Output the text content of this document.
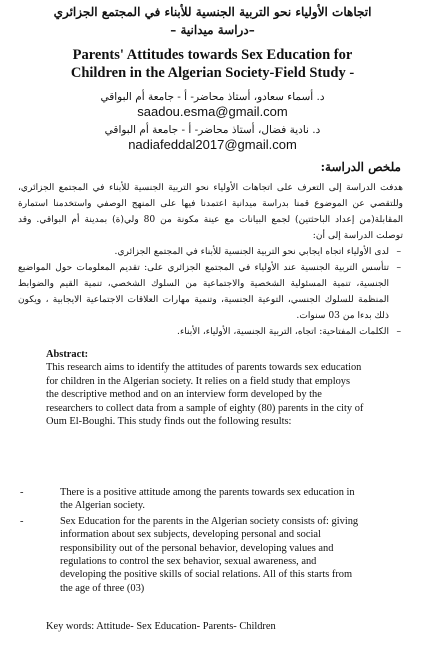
اتجاهات الأولياء نحو التربية الجنسية للأبناء في المجتمع الجزائري
–دراسة ميدانية –
Parents' Attitudes towards Sex Education for
Children in the Algerian Society-Field Study -
د. أسماء سعادو، أستاذ محاضر- أ - جامعة أم البواقي
saadou.esma@gmail.com
د. نادية فضال، أستاذ محاضر- أ - جامعة أم البواقي
nadiafeddal2017@gmail.com
ملخص الدراسة:

هدفت الدراسة إلى التعرف على اتجاهات الأولياء نحو التربية الجنسية للأبناء في المجتمع الجزائري، وللتقصي عن الموضوع قمنا بدراسة ميدانية اعتمدنا فيها على المنهج الوصفي واستخدمنا استمارة المقابلة(من إعداد الباحثتين) لجمع البيانات مع عينة مكونة من 80 ولي(ة) بمدينة أم البواقي. وقد توصلت الدراسة إلى أن:

– لدى الأولياء اتجاه ايجابي نحو التربية الجنسية للأبناء في المجتمع الجزائري.
– تتأسس التربية الجنسية عند الأولياء في المجتمع الجزائري على: تقديم المعلومات حول المواضيع الجنسية، تنمية المسئولية الشخصية والاجتماعية من السلوك الشخصي، تنمية القيم والضوابط المنظمة للسلوك الجنسي، التوعية الجنسية، وتنمية مهارات العلاقات الاجتماعية الايجابية ، ويكون ذلك بدءا من 03 سنوات.
– الكلمات المفتاحية: اتجاه، التربية الجنسية، الأولياء، الأبناء.

Abstract:

This research aims to identify the attitudes of parents towards sex education for children in the Algerian society. It relies on a field study that employs the descriptive method and on an interview form developed by the researchers to collect data from a sample of eighty (80) parents in the city of Oum El-Boughi. This study finds out the following results:

-	There is a positive attitude among the parents towards sex education in the Algerian society.
-	Sex Education for the parents in the Algerian society consists of: giving information about sex subjects, developing personal and social responsibility out of the personal behavior, developing values and regulations to control the sex behavior, sexual awareness, and developing the positive skills of social relations. All of this starts from the age of three (03)
Key words: Attitude- Sex Education- Parents- Children
